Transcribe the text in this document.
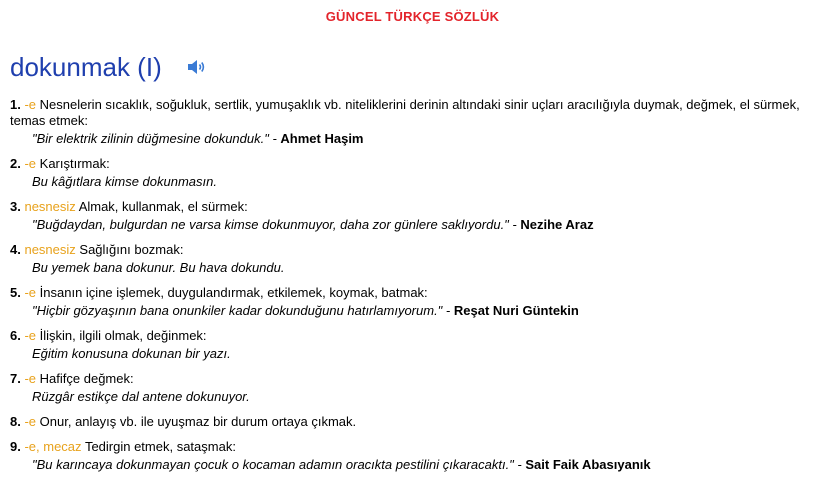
GÜNCEL TÜRKÇE SÖZLÜK
dokunmak (I)
1. -e Nesnelerin sıcaklık, soğukluk, sertlik, yumuşaklık vb. niteliklerini derinin altındaki sinir uçları aracılığıyla duymak, değmek, el sürmek, temas etmek:
"Bir elektrik zilinin düğmesine dokunduk." - Ahmet Haşim
2. -e Karıştırmak:
Bu kâğıtlara kimse dokunmasın.
3. nesnesiz Almak, kullanmak, el sürmek:
"Buğdaydan, bulgurdan ne varsa kimse dokunmuyor, daha zor günlere saklıyordu." - Nezihe Araz
4. nesnesiz Sağlığını bozmak:
Bu yemek bana dokunur. Bu hava dokundu.
5. -e İnsanın içine işlemek, duygulandırmak, etkilemek, koymak, batmak:
"Hiçbir gözyaşının bana onunkiler kadar dokunduğunu hatırlamıyorum." - Reşat Nuri Güntekin
6. -e İlişkin, ilgili olmak, değinmek:
Eğitim konusuna dokunan bir yazı.
7. -e Hafifçe değmek:
Rüzgâr estikçe dal antene dokunuyor.
8. -e Onur, anlayış vb. ile uyuşmaz bir durum ortaya çıkmak.
9. -e, mecaz Tedirgin etmek, sataşmak:
"Bu karıncaya dokunmayan çocuk o kocaman adamın oracıkta pestilini çıkaracaktı." - Sait Faik Abasıyanık
